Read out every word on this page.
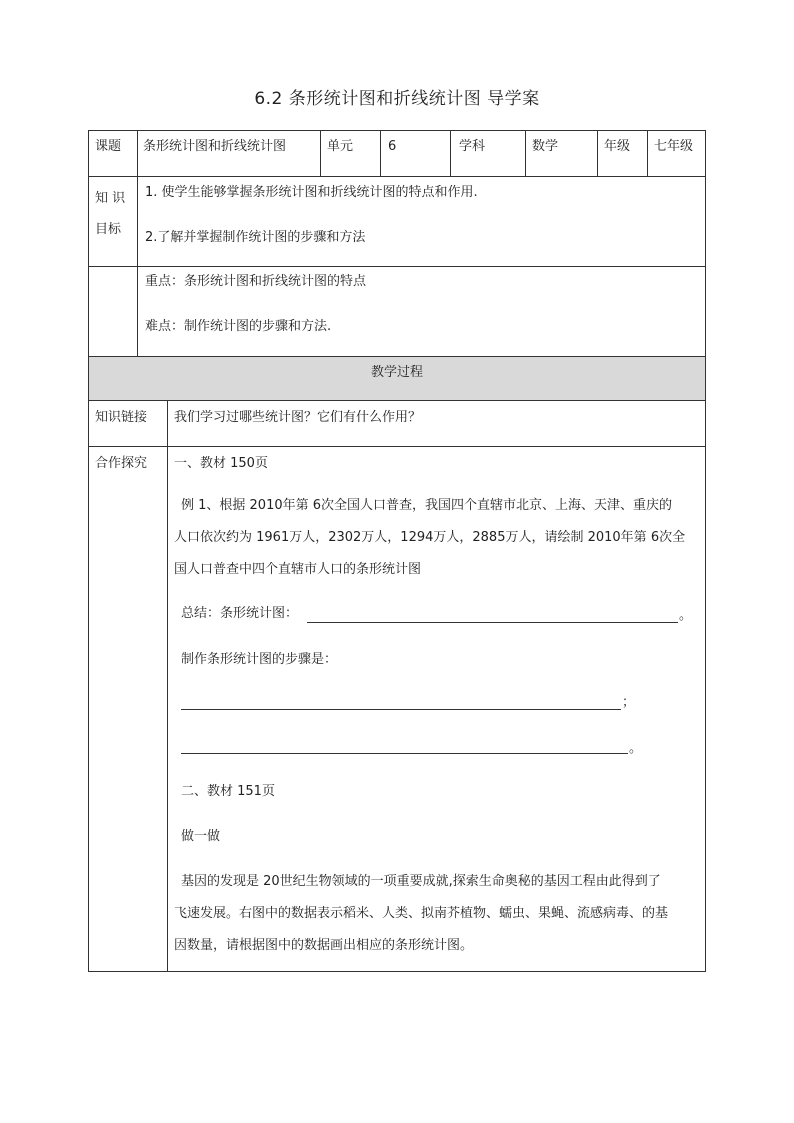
6.2 条形统计图和折线统计图 导学案
课题 条形统计图和折线统计图	单元	6	学科	数学	年级 七年级
知 识
目标
1. 使学生能够掌握条形统计图和折线统计图的特点和作用.
2.了解并掌握制作统计图的步骤和方法
重点：条形统计图和折线统计图的特点
难点：制作统计图的步骤和方法.
教学过程
知识链接 我们学习过哪些统计图？它们有什么作用？
合作探究 一、教材 150页
例 1、根据 2010年第 6次全国人口普查，我国四个直辖市北京、上海、天津、重庆的
人口依次约为 1961万人，2302万人，1294万人，2885万人，请绘制 2010年第 6次全
国人口普查中四个直辖市人口的条形统计图
总结：条形统计图：	。
制作条形统计图的步骤是：
；
。
二、教材 151页
做一做
基因的发现是 20世纪生物领域的一项重要成就,探索生命奥秘的基因工程由此得到了
飞速发展。右图中的数据表示稻米、人类、拟南芥植物、蠕虫、果蝇、流感病毒、的基
因数量，请根据图中的数据画出相应的条形统计图。
